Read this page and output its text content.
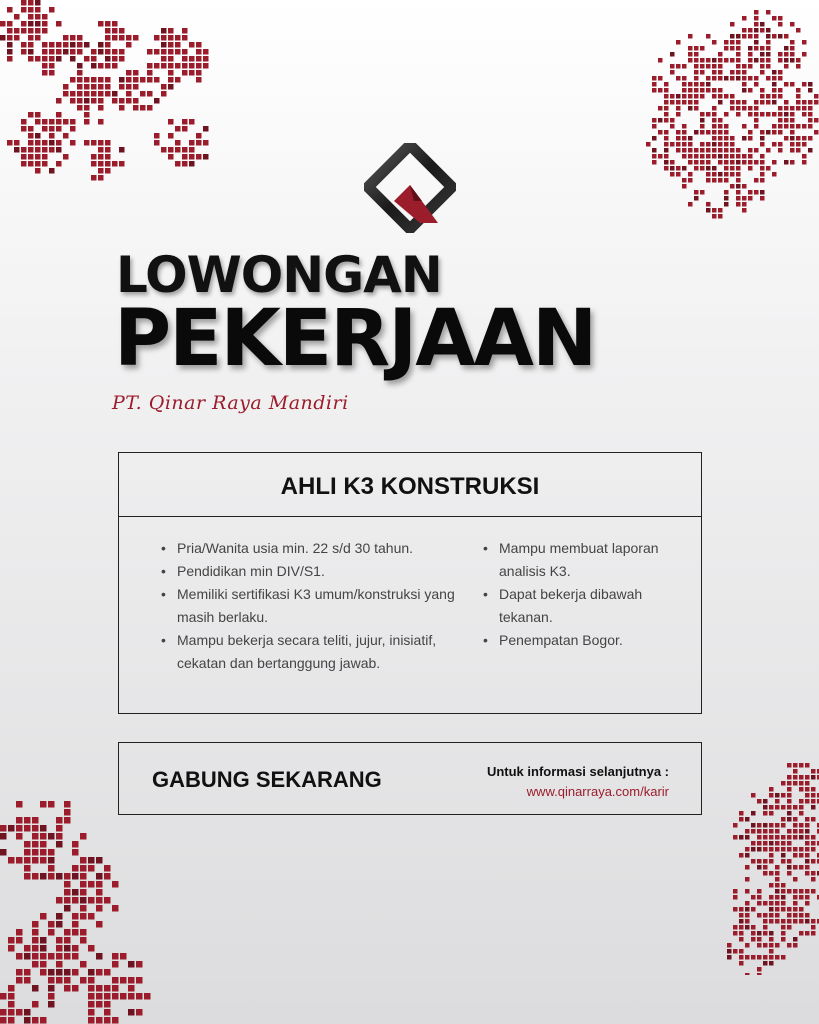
LOWONGAN
PEKERJAAN
PT. Qinar Raya Mandiri
AHLI K3 KONSTRUKSI
• Pria/Wanita usia min. 22 s/d 30 tahun.
• Pendidikan min DIV/S1.
• Memiliki sertifikasi K3 umum/konstruksi yang masih berlaku.
• Mampu bekerja secara teliti, jujur, inisiatif, cekatan dan bertanggung jawab.
• Mampu membuat laporan analisis K3.
• Dapat bekerja dibawah tekanan.
• Penempatan Bogor.
GABUNG SEKARANG	Untuk informasi selanjutnya :
www.qinarraya.com/karir
